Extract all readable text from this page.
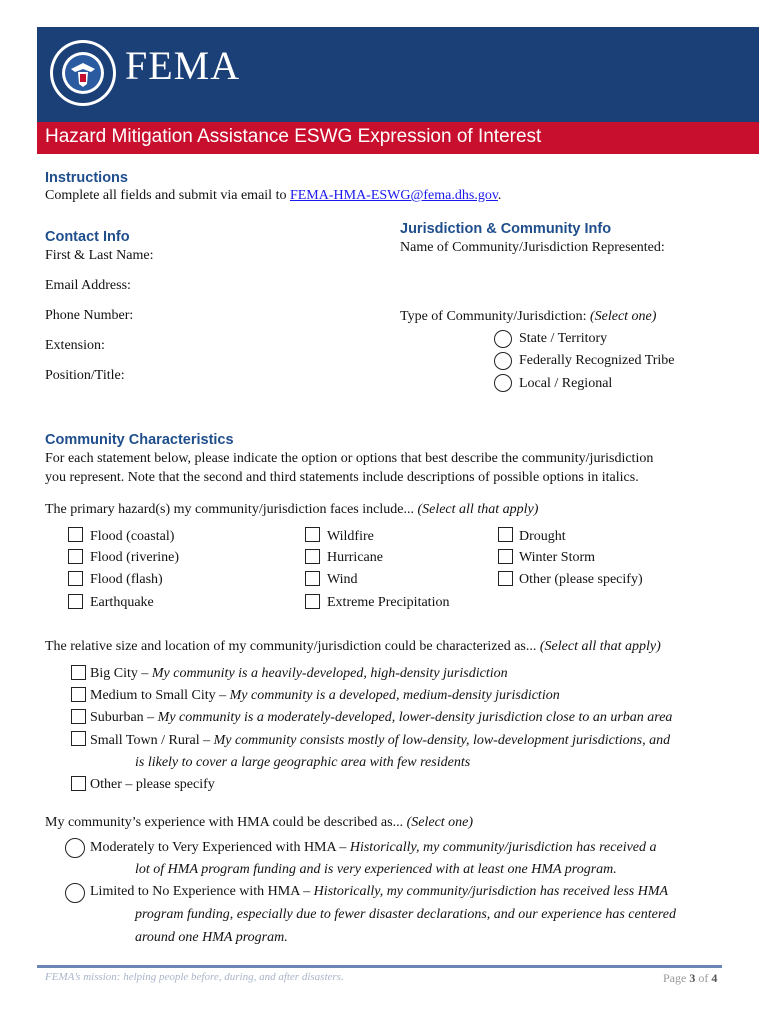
FEMA
Hazard Mitigation Assistance ESWG Expression of Interest
Instructions
Complete all fields and submit via email to FEMA-HMA-ESWG@fema.dhs.gov.
Contact Info
First & Last Name:
Email Address:
Phone Number:
Extension:
Position/Title:
Jurisdiction & Community Info
Name of Community/Jurisdiction Represented:
Type of Community/Jurisdiction: (Select one)
State / Territory
Federally Recognized Tribe
Local / Regional
Community Characteristics
For each statement below, please indicate the option or options that best describe the community/jurisdiction
you represent. Note that the second and third statements include descriptions of possible options in italics.
The primary hazard(s) my community/jurisdiction faces include... (Select all that apply)
Flood (coastal)
Flood (riverine)
Flood (flash)
Earthquake
Wildfire
Hurricane
Wind
Extreme Precipitation
Drought
Winter Storm
Other (please specify)
The relative size and location of my community/jurisdiction could be characterized as... (Select all that apply)
Big City – My community is a heavily-developed, high-density jurisdiction
Medium to Small City – My community is a developed, medium-density jurisdiction
Suburban – My community is a moderately-developed, lower-density jurisdiction close to an urban area
Small Town / Rural – My community consists mostly of low-density, low-development jurisdictions, and
is likely to cover a large geographic area with few residents
Other – please specify
My community’s experience with HMA could be described as... (Select one)
Moderately to Very Experienced with HMA – Historically, my community/jurisdiction has received a
lot of HMA program funding and is very experienced with at least one HMA program.
Limited to No Experience with HMA – Historically, my community/jurisdiction has received less HMA
program funding, especially due to fewer disaster declarations, and our experience has centered
around one HMA program.
FEMA’s mission: helping people before, during, and after disasters.	Page 3 of 4
